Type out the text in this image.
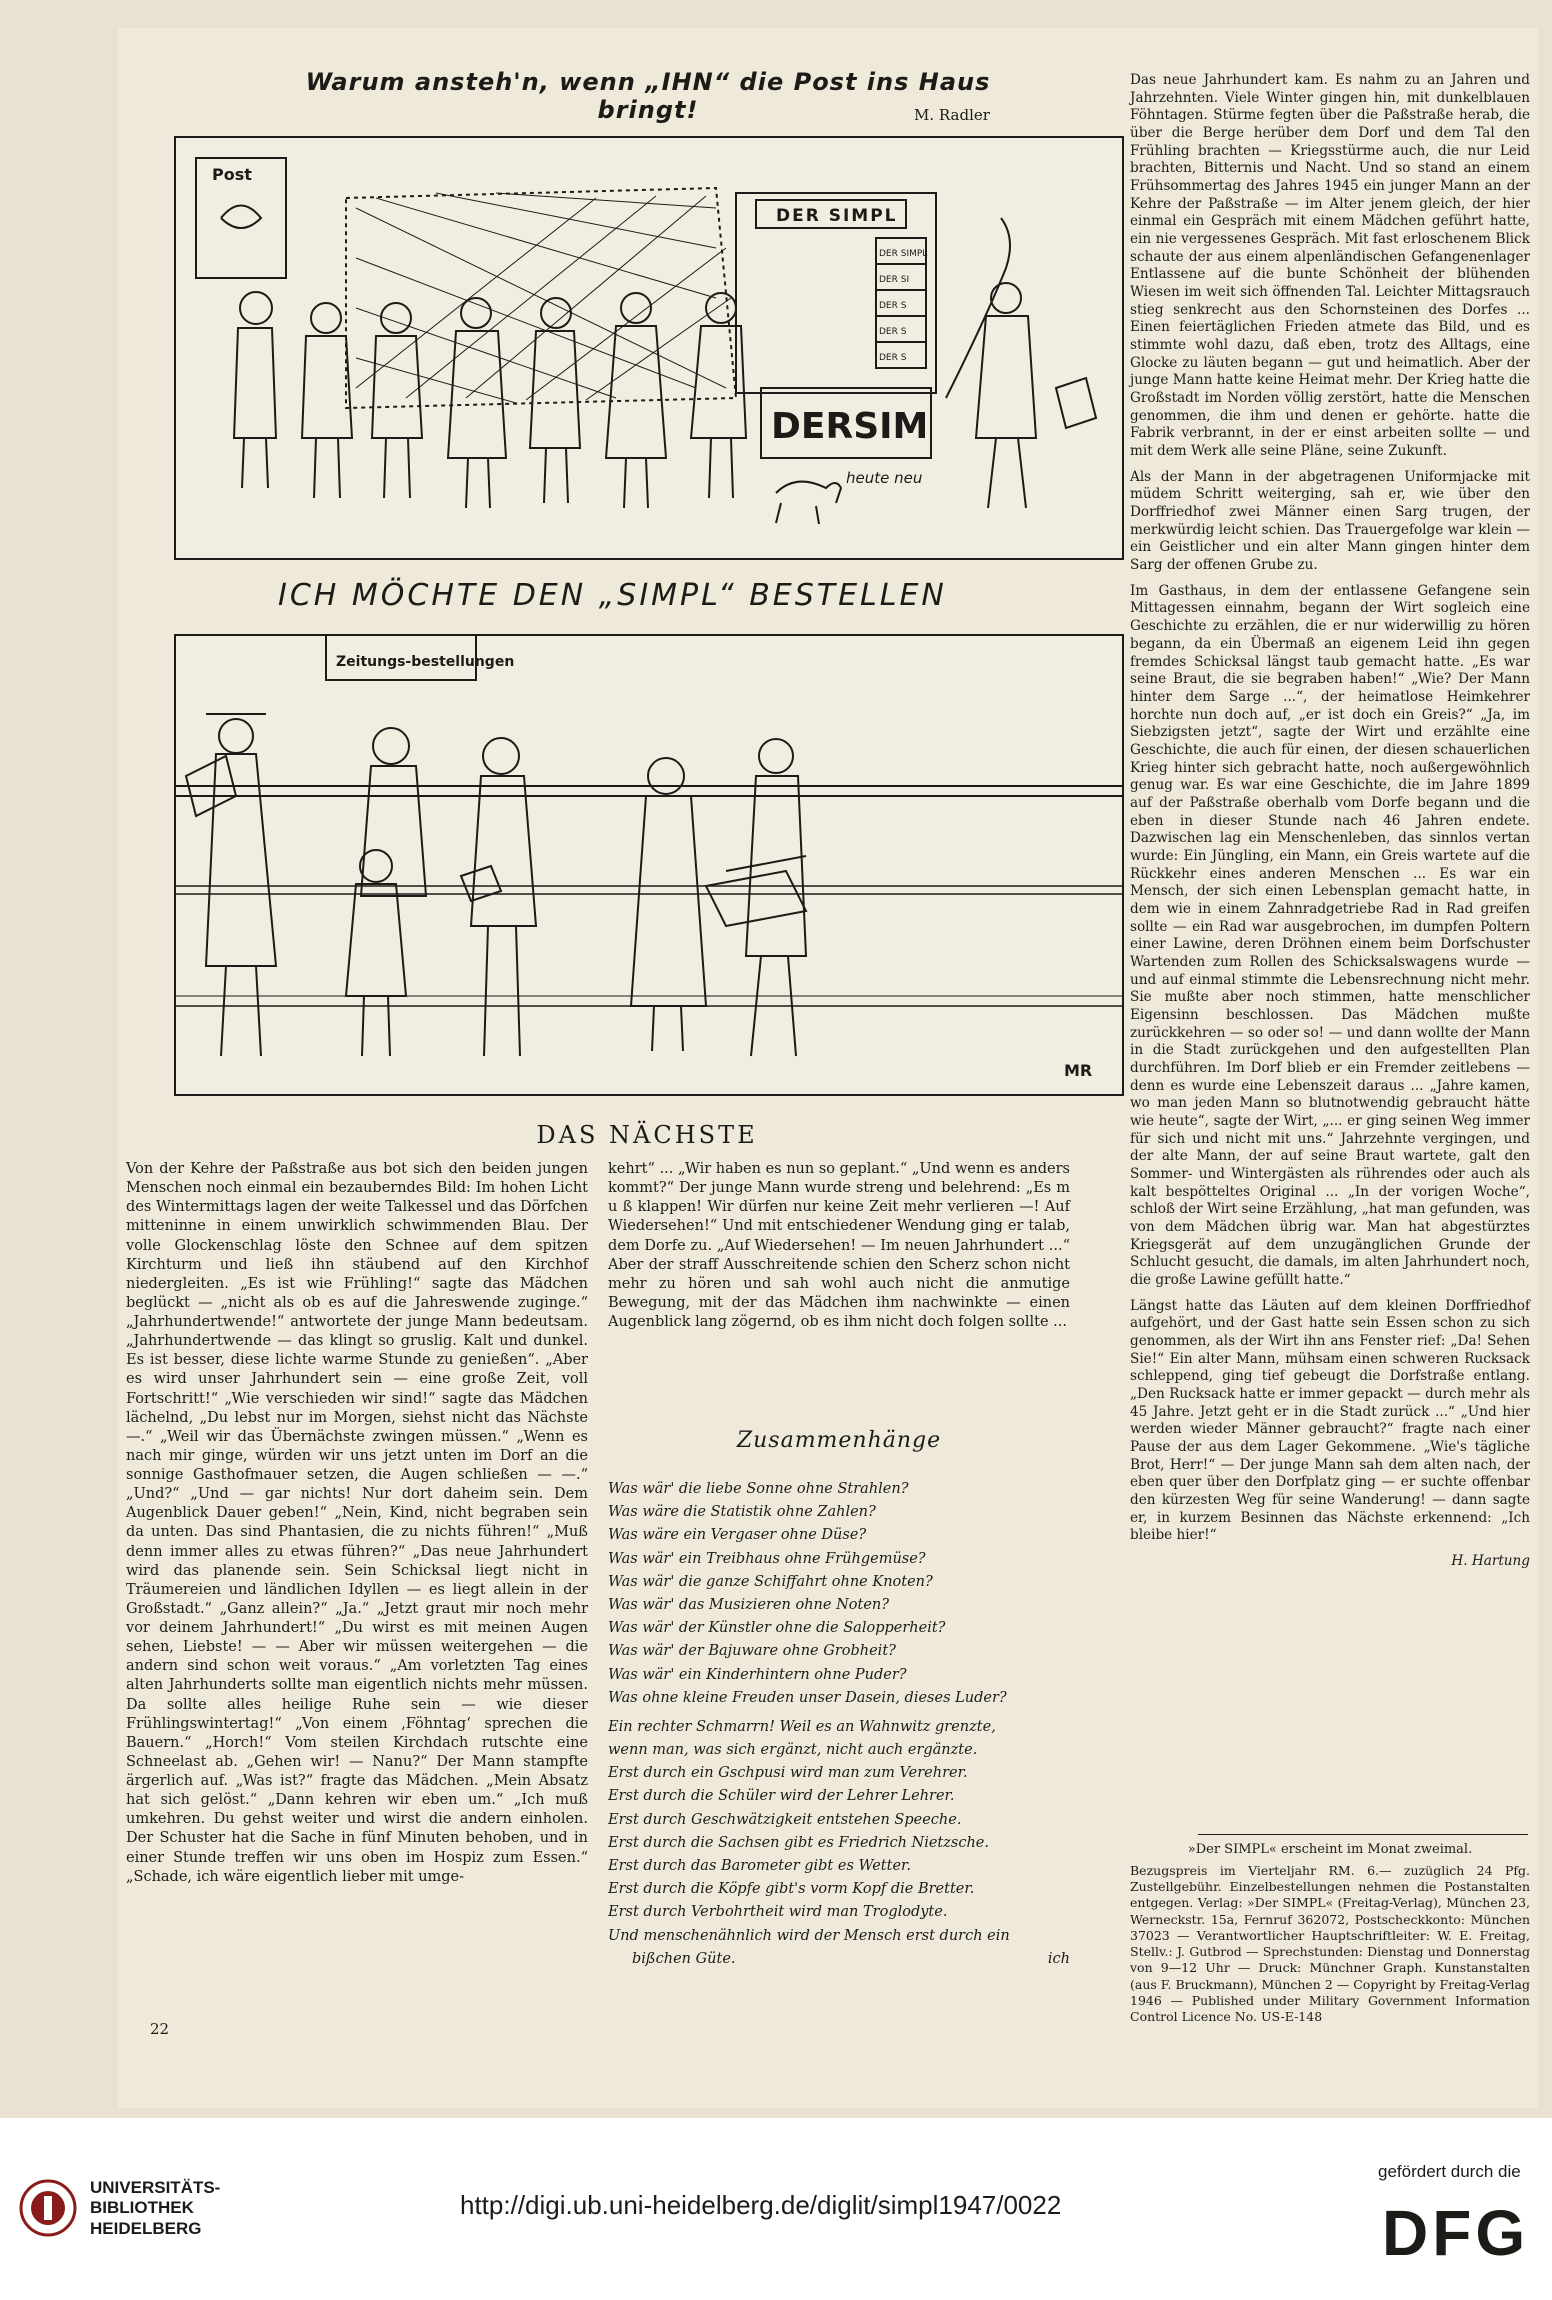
Warum ansteh'n, wenn „IHN“ die Post ins Haus bringt!	M. Radler
Post
DER SIMPL
DERSIM
heute neu
DER SIMPL
DER SI
DER S
DER S
DER S
ICH MÖCHTE DEN „SIMPL“ BESTELLEN
Zeitungs-bestellungen
MR
DAS NÄCHSTE

Von der Kehre der Paßstraße aus bot sich den beiden jungen Menschen noch einmal ein bezauberndes Bild: Im hohen Licht des Wintermittags lagen der weite Talkessel und das Dörfchen mitteninne in einem unwirklich schwimmenden Blau. Der volle Glockenschlag löste den Schnee auf dem spitzen Kirchturm und ließ ihn stäubend auf den Kirchhof niedergleiten. „Es ist wie Frühling!“ sagte das Mädchen beglückt — „nicht als ob es auf die Jahreswende zuginge.“ „Jahrhundertwende!“ antwortete der junge Mann bedeutsam. „Jahrhundertwende — das klingt so gruslig. Kalt und dunkel. Es ist besser, diese lichte warme Stunde zu genießen“. „Aber es wird unser Jahrhundert sein — eine große Zeit, voll Fortschritt!“ „Wie verschieden wir sind!“ sagte das Mädchen lächelnd, „Du lebst nur im Morgen, siehst nicht das Nächste —.“ „Weil wir das Übernächste zwingen müssen.“ „Wenn es nach mir ginge, würden wir uns jetzt unten im Dorf an die sonnige Gasthofmauer setzen, die Augen schließen — —.“ „Und?“ „Und — gar nichts! Nur dort daheim sein. Dem Augenblick Dauer geben!“ „Nein, Kind, nicht begraben sein da unten. Das sind Phantasien, die zu nichts führen!“ „Muß denn immer alles zu etwas führen?“ „Das neue Jahrhundert wird das planende sein. Sein Schicksal liegt nicht in Träumereien und ländlichen Idyllen — es liegt allein in der Großstadt.“ „Ganz allein?“ „Ja.“ „Jetzt graut mir noch mehr vor deinem Jahrhundert!“ „Du wirst es mit meinen Augen sehen, Liebste! — — Aber wir müssen weitergehen — die andern sind schon weit voraus.“ „Am vorletzten Tag eines alten Jahrhunderts sollte man eigentlich nichts mehr müssen. Da sollte alles heilige Ruhe sein — wie dieser Frühlingswintertag!“ „Von einem ‚Föhntag‘ sprechen die Bauern.“ „Horch!“ Vom steilen Kirchdach rutschte eine Schneelast ab. „Gehen wir! — Nanu?“ Der Mann stampfte ärgerlich auf. „Was ist?“ fragte das Mädchen. „Mein Absatz hat sich gelöst.“ „Dann kehren wir eben um.“ „Ich muß umkehren. Du gehst weiter und wirst die andern einholen. Der Schuster hat die Sache in fünf Minuten behoben, und in einer Stunde treffen wir uns oben im Hospiz zum Essen.“ „Schade, ich wäre eigentlich lieber mit umge-

kehrt“ ... „Wir haben es nun so geplant.“ „Und wenn es anders kommt?“ Der junge Mann wurde streng und belehrend: „Es m u ß klappen! Wir dürfen nur keine Zeit mehr verlieren —! Auf Wiedersehen!“ Und mit entschiedener Wendung ging er talab, dem Dorfe zu. „Auf Wiedersehen! — Im neuen Jahrhundert ...“ Aber der straff Ausschreitende schien den Scherz schon nicht mehr zu hören und sah wohl auch nicht die anmutige Bewegung, mit der das Mädchen ihm nachwinkte — einen Augenblick lang zögernd, ob es ihm nicht doch folgen sollte ...

Zusammenhänge
Was wär' die liebe Sonne ohne Strahlen?
Was wäre die Statistik ohne Zahlen?
Was wäre ein Vergaser ohne Düse?
Was wär' ein Treibhaus ohne Frühgemüse?
Was wär' die ganze Schiffahrt ohne Knoten?
Was wär' das Musizieren ohne Noten?
Was wär' der Künstler ohne die Salopperheit?
Was wär' der Bajuware ohne Grobheit?
Was wär' ein Kinderhintern ohne Puder?
Was ohne kleine Freuden unser Dasein, dieses Luder?
Ein rechter Schmarrn! Weil es an Wahnwitz grenzte,
wenn man, was sich ergänzt, nicht auch ergänzte.
Erst durch ein Gschpusi wird man zum Verehrer.
Erst durch die Schüler wird der Lehrer Lehrer.
Erst durch Geschwätzigkeit entstehen Speeche.
Erst durch die Sachsen gibt es Friedrich Nietzsche.
Erst durch das Barometer gibt es Wetter.
Erst durch die Köpfe gibt's vorm Kopf die Bretter.
Erst durch Verbohrtheit wird man Troglodyte.
Und menschenähnlich wird der Mensch erst durch ein
bißchen Güte.	ich

Das neue Jahrhundert kam. Es nahm zu an Jahren und Jahrzehnten. Viele Winter gingen hin, mit dunkelblauen Föhntagen. Stürme fegten über die Paßstraße herab, die über die Berge herüber dem Dorf und dem Tal den Frühling brachten — Kriegsstürme auch, die nur Leid brachten, Bitternis und Nacht. Und so stand an einem Frühsommertag des Jahres 1945 ein junger Mann an der Kehre der Paßstraße — im Alter jenem gleich, der hier einmal ein Gespräch mit einem Mädchen geführt hatte, ein nie vergessenes Gespräch. Mit fast erloschenem Blick schaute der aus einem alpenländischen Gefangenenlager Entlassene auf die bunte Schönheit der blühenden Wiesen im weit sich öffnenden Tal. Leichter Mittagsrauch stieg senkrecht aus den Schornsteinen des Dorfes ... Einen feiertäglichen Frieden atmete das Bild, und es stimmte wohl dazu, daß eben, trotz des Alltags, eine Glocke zu läuten begann — gut und heimatlich. Aber der junge Mann hatte keine Heimat mehr. Der Krieg hatte die Großstadt im Norden völlig zerstört, hatte die Menschen genommen, die ihm und denen er gehörte. hatte die Fabrik verbrannt, in der er einst arbeiten sollte — und mit dem Werk alle seine Pläne, seine Zukunft.

Als der Mann in der abgetragenen Uniformjacke mit müdem Schritt weiterging, sah er, wie über den Dorffriedhof zwei Männer einen Sarg trugen, der merkwürdig leicht schien. Das Trauergefolge war klein — ein Geistlicher und ein alter Mann gingen hinter dem Sarg der offenen Grube zu.

Im Gasthaus, in dem der entlassene Gefangene sein Mittagessen einnahm, begann der Wirt sogleich eine Geschichte zu erzählen, die er nur widerwillig zu hören begann, da ein Übermaß an eigenem Leid ihn gegen fremdes Schicksal längst taub gemacht hatte. „Es war seine Braut, die sie begraben haben!“ „Wie? Der Mann hinter dem Sarge ...“, der heimatlose Heimkehrer horchte nun doch auf, „er ist doch ein Greis?“ „Ja, im Siebzigsten jetzt“, sagte der Wirt und erzählte eine Geschichte, die auch für einen, der diesen schauerlichen Krieg hinter sich gebracht hatte, noch außergewöhnlich genug war. Es war eine Geschichte, die im Jahre 1899 auf der Paßstraße oberhalb vom Dorfe begann und die eben in dieser Stunde nach 46 Jahren endete. Dazwischen lag ein Menschenleben, das sinnlos vertan wurde: Ein Jüngling, ein Mann, ein Greis wartete auf die Rückkehr eines anderen Menschen ... Es war ein Mensch, der sich einen Lebensplan gemacht hatte, in dem wie in einem Zahnradgetriebe Rad in Rad greifen sollte — ein Rad war ausgebrochen, im dumpfen Poltern einer Lawine, deren Dröhnen einem beim Dorfschuster Wartenden zum Rollen des Schicksalswagens wurde — und auf einmal stimmte die Lebensrechnung nicht mehr. Sie mußte aber noch stimmen, hatte menschlicher Eigensinn beschlossen. Das Mädchen mußte zurückkehren — so oder so! — und dann wollte der Mann in die Stadt zurückgehen und den aufgestellten Plan durchführen. Im Dorf blieb er ein Fremder zeitlebens — denn es wurde eine Lebenszeit daraus ... „Jahre kamen, wo man jeden Mann so blutnotwendig gebraucht hätte wie heute“, sagte der Wirt, „... er ging seinen Weg immer für sich und nicht mit uns.“ Jahrzehnte vergingen, und der alte Mann, der auf seine Braut wartete, galt den Sommer- und Wintergästen als rührendes oder auch als kalt bespötteltes Original ... „In der vorigen Woche“, schloß der Wirt seine Erzählung, „hat man gefunden, was von dem Mädchen übrig war. Man hat abgestürztes Kriegsgerät auf dem unzugänglichen Grunde der Schlucht gesucht, die damals, im alten Jahrhundert noch, die große Lawine gefüllt hatte.“

Längst hatte das Läuten auf dem kleinen Dorffriedhof aufgehört, und der Gast hatte sein Essen schon zu sich genommen, als der Wirt ihn ans Fenster rief: „Da! Sehen Sie!“ Ein alter Mann, mühsam einen schweren Rucksack schleppend, ging tief gebeugt die Dorfstraße entlang. „Den Rucksack hatte er immer gepackt — durch mehr als 45 Jahre. Jetzt geht er in die Stadt zurück ...“ „Und hier werden wieder Männer gebraucht?“ fragte nach einer Pause der aus dem Lager Gekommene. „Wie's tägliche Brot, Herr!“ — Der junge Mann sah dem alten nach, der eben quer über den Dorfplatz ging — er suchte offenbar den kürzesten Weg für seine Wanderung! — dann sagte er, in kurzem Besinnen das Nächste erkennend: „Ich bleibe hier!“

H. Hartung
»Der SIMPL« erscheint im Monat zweimal.
Bezugspreis im Vierteljahr RM. 6.— zuzüglich 24 Pfg. Zustellgebühr. Einzelbestellungen nehmen die Postanstalten entgegen. Verlag: »Der SIMPL« (Freitag-Verlag), München 23, Werneckstr. 15a, Fernruf 362072, Postscheckkonto: München 37023 — Verantwortlicher Hauptschriftleiter: W. E. Freitag, Stellv.: J. Gutbrod — Sprechstunden: Dienstag und Donnerstag von 9—12 Uhr — Druck: Münchner Graph. Kunstanstalten (aus F. Bruckmann), München 2 — Copyright by Freitag-Verlag 1946 — Published under Military Government Information Control Licence No. US-E-148
22
UNIVERSITÄTS-
BIBLIOTHEK
HEIDELBERG
http://digi.ub.uni-heidelberg.de/diglit/simpl1947/0022
gefördert durch die
DFG
